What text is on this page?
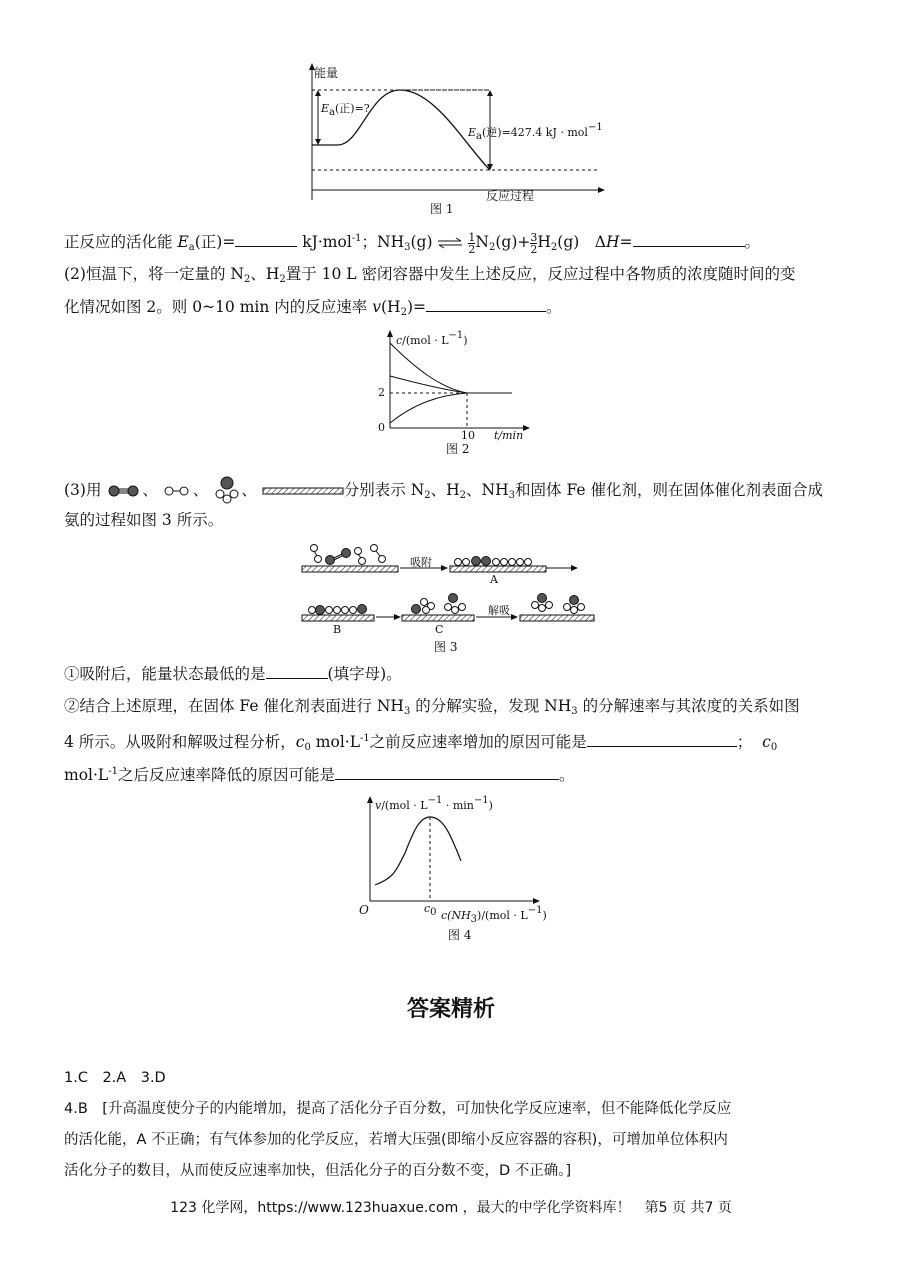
能量
$E_a$(正)=?
$E_a$(逆)=427.4 kJ · mol$^{-1}$
反应过程
图 1
正反应的活化能 $E_a$(正)=	kJ·mol$^{-1}$；$NH_3(g)$ ⇌ $\frac{1}{2} N_2(g)+ \frac{3}{2} H_2(g)$　ΔH=	。
(2)恒温下，将一定量的 $N_2$、$H_2$置于 10 L 密闭容器中发生上述反应，反应过程中各物质的浓度随时间的变
化情况如图 2。则 0~10 min 内的反应速率 $v(H_2)=$	。
$c/(mol \cdot L^{-1})$
2
0
10 t/min
图 2
(3)用	、 、 、	分别表示 $N_2$、$H_2$、$NH_3$和固体 Fe 催化剂，则在固体催化剂表面合成
氨的过程如图 3 所示。
吸附
解吸
A
B	C
图 3
①吸附后，能量状态最低的是	(填字母)。
②结合上述原理，在固体 Fe 催化剂表面进行 $NH_3$ 的分解实验，发现 $NH_3$ 的分解速率与其浓度的关系如图
4 所示。从吸附和解吸过程分析，$c_0$ $mol\cdot L^{-1}$之前反应速率增加的原因可能是	； $c_0$
$mol\cdot L^{-1}$之后反应速率降低的原因可能是	。
$v/(mol \cdot L^{-1} \cdot \min^{-1})$
O	$c_0$ $c(NH_3)/(mol \cdot L^{-1})$
图 4
答案精析
1.C　2.A　3.D
4.B　[升高温度使分子的内能增加，提高了活化分子百分数，可加快化学反应速率，但不能降低化学反应
的活化能，A 不正确；有气体参加的化学反应，若增大压强(即缩小反应容器的容积)，可增加单位体积内
活化分子的数目，从而使反应速率加快，但活化分子的百分数不变，D 不正确。]
123 化学网，https://www.123huaxue.com ，最大的中学化学资料库！　第5 页 共7 页
